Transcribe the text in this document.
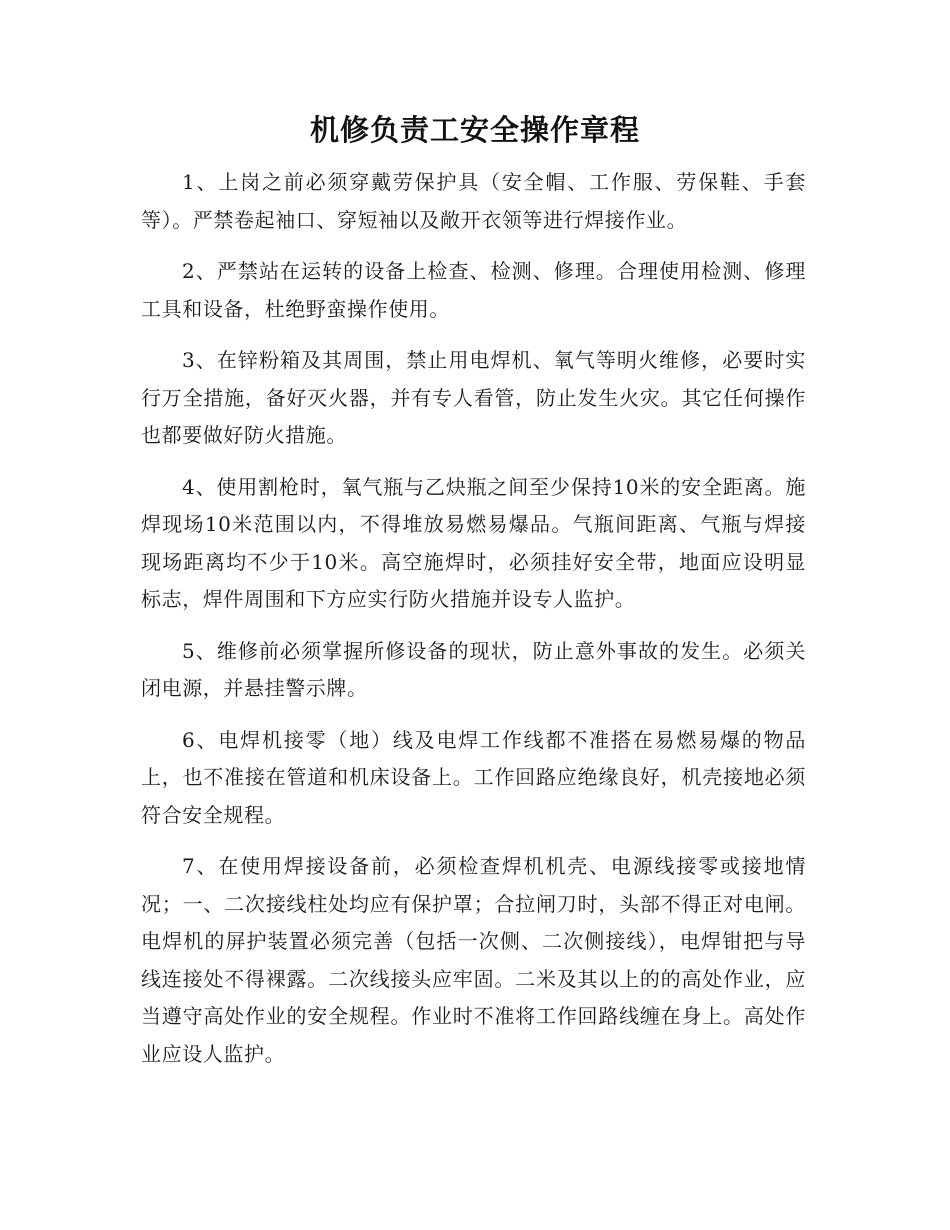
机修负责工安全操作章程

1、上岗之前必须穿戴劳保护具（安全帽、工作服、劳保鞋、手套等）。严禁卷起袖口、穿短袖以及敞开衣领等进行焊接作业。

2、严禁站在运转的设备上检查、检测、修理。合理使用检测、修理工具和设备，杜绝野蛮操作使用。

3、在锌粉箱及其周围，禁止用电焊机、氧气等明火维修，必要时实行万全措施，备好灭火器，并有专人看管，防止发生火灾。其它任何操作也都要做好防火措施。

4、使用割枪时，氧气瓶与乙炔瓶之间至少保持10米的安全距离。施焊现场10米范围以内，不得堆放易燃易爆品。气瓶间距离、气瓶与焊接现场距离均不少于10米。高空施焊时，必须挂好安全带，地面应设明显标志，焊件周围和下方应实行防火措施并设专人监护。

5、维修前必须掌握所修设备的现状，防止意外事故的发生。必须关闭电源，并悬挂警示牌。

6、电焊机接零（地）线及电焊工作线都不准搭在易燃易爆的物品上，也不准接在管道和机床设备上。工作回路应绝缘良好，机壳接地必须符合安全规程。

7、在使用焊接设备前，必须检查焊机机壳、电源线接零或接地情况；一、二次接线柱处均应有保护罩；合拉闸刀时，头部不得正对电闸。电焊机的屏护装置必须完善（包括一次侧、二次侧接线），电焊钳把与导线连接处不得裸露。二次线接头应牢固。二米及其以上的的高处作业，应当遵守高处作业的安全规程。作业时不准将工作回路线缠在身上。高处作业应设人监护。
